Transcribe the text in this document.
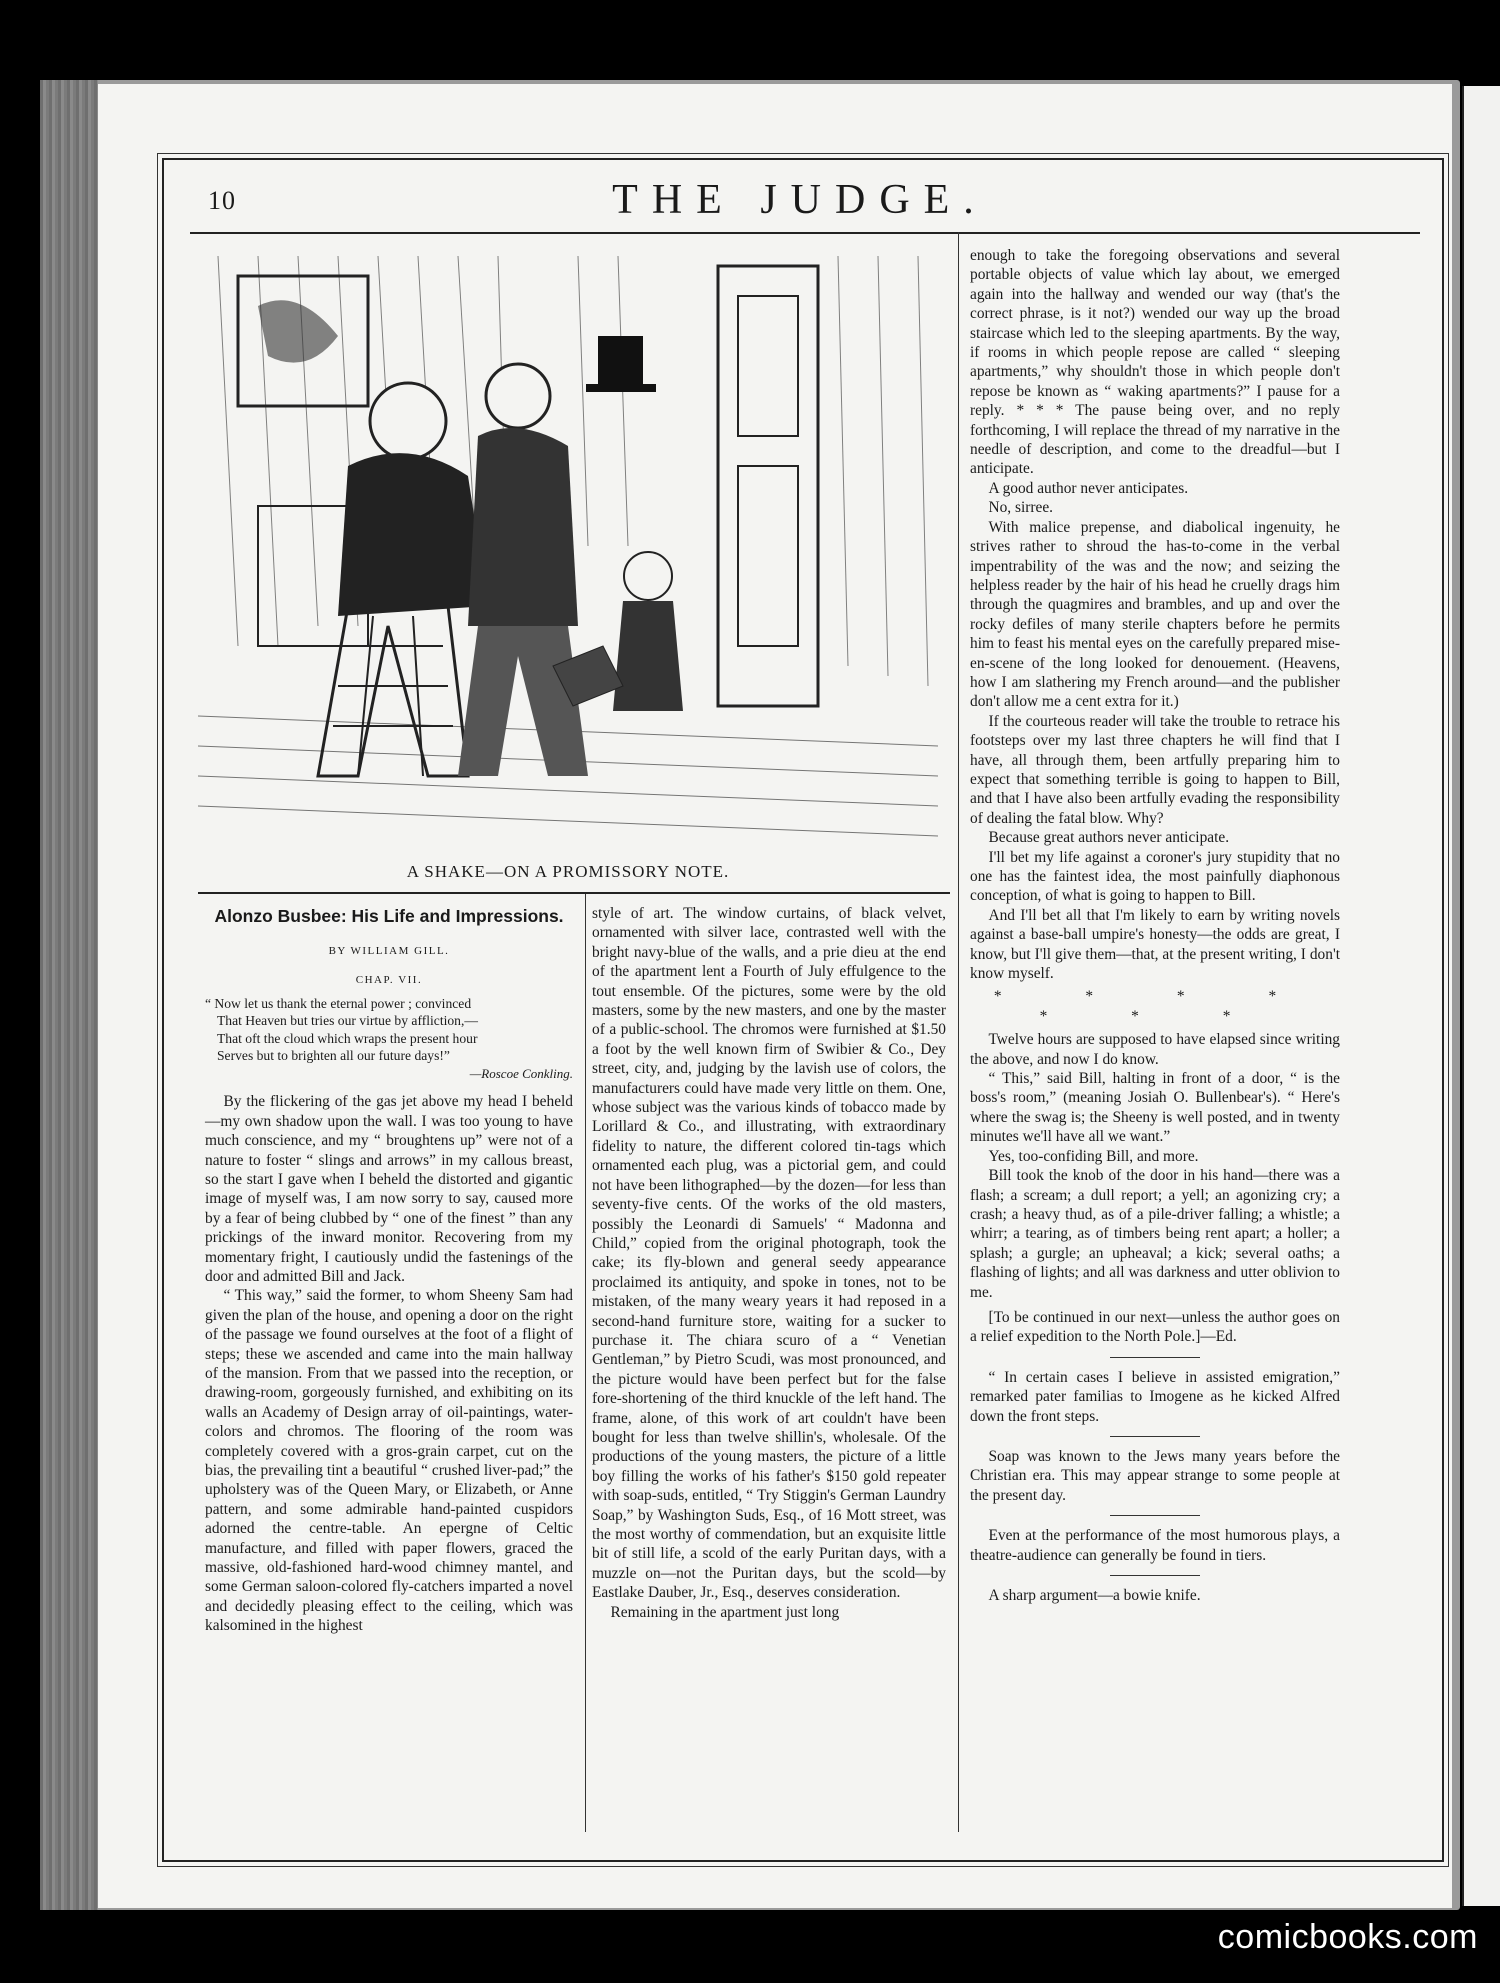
10	THE JUDGE.
A SHAKE—ON A PROMISSORY NOTE.
Alonzo Busbee: His Life and Impressions.
BY WILLIAM GILL.
CHAP. VII.
“ Now let us thank the eternal power ; convinced
That Heaven but tries our virtue by affliction,—
That oft the cloud which wraps the present hour
Serves but to brighten all our future days!”
—Roscoe Conkling.

By the flickering of the gas jet above my head I beheld—my own shadow upon the wall. I was too young to have much conscience, and my “ broughtens up” were not of a nature to foster “ slings and arrows” in my callous breast, so the start I gave when I beheld the distorted and gigantic image of myself was, I am now sorry to say, caused more by a fear of being clubbed by “ one of the finest ” than any prickings of the inward monitor. Recovering from my momentary fright, I cautiously undid the fastenings of the door and admitted Bill and Jack.

“ This way,” said the former, to whom Sheeny Sam had given the plan of the house, and opening a door on the right of the passage we found ourselves at the foot of a flight of steps; these we ascended and came into the main hallway of the mansion. From that we passed into the reception, or drawing-room, gorgeously furnished, and exhibiting on its walls an Academy of Design array of oil-paintings, water-colors and chromos. The flooring of the room was completely covered with a gros-grain carpet, cut on the bias, the prevailing tint a beautiful “ crushed liver-pad;” the upholstery was of the Queen Mary, or Elizabeth, or Anne pattern, and some admirable hand-painted cuspidors adorned the centre-table. An epergne of Celtic manufacture, and filled with paper flowers, graced the massive, old-fashioned hard-wood chimney mantel, and some German saloon-colored fly-catchers imparted a novel and decidedly pleasing effect to the ceiling, which was kalsomined in the highest

style of art. The window curtains, of black velvet, ornamented with silver lace, contrasted well with the bright navy-blue of the walls, and a prie dieu at the end of the apartment lent a Fourth of July effulgence to the tout ensemble. Of the pictures, some were by the old masters, some by the new masters, and one by the master of a public-school. The chromos were furnished at $1.50 a foot by the well known firm of Swibier & Co., Dey street, city, and, judging by the lavish use of colors, the manufacturers could have made very little on them. One, whose subject was the various kinds of tobacco made by Lorillard & Co., and illustrating, with extraordinary fidelity to nature, the different colored tin-tags which ornamented each plug, was a pictorial gem, and could not have been lithographed—by the dozen—for less than seventy-five cents. Of the works of the old masters, possibly the Leonardi di Samuels' “ Madonna and Child,” copied from the original photograph, took the cake; its fly-blown and general seedy appearance proclaimed its antiquity, and spoke in tones, not to be mistaken, of the many weary years it had reposed in a second-hand furniture store, waiting for a sucker to purchase it. The chiara scuro of a “ Venetian Gentleman,” by Pietro Scudi, was most pronounced, and the picture would have been perfect but for the false fore-shortening of the third knuckle of the left hand. The frame, alone, of this work of art couldn't have been bought for less than twelve shillin's, wholesale. Of the productions of the young masters, the picture of a little boy filling the works of his father's $150 gold repeater with soap-suds, entitled, “ Try Stiggin's German Laundry Soap,” by Washington Suds, Esq., of 16 Mott street, was the most worthy of commendation, but an exquisite little bit of still life, a scold of the early Puritan days, with a muzzle on—not the Puritan days, but the scold—by Eastlake Dauber, Jr., Esq., deserves consideration.

Remaining in the apartment just long

enough to take the foregoing observations and several portable objects of value which lay about, we emerged again into the hallway and wended our way (that's the correct phrase, is it not?) wended our way up the broad staircase which led to the sleeping apartments. By the way, if rooms in which people repose are called “ sleeping apartments,” why shouldn't those in which people don't repose be known as “ waking apartments?” I pause for a reply. * * * The pause being over, and no reply forthcoming, I will replace the thread of my narrative in the needle of description, and come to the dreadful—but I anticipate.

A good author never anticipates.

No, sirree.

With malice prepense, and diabolical ingenuity, he strives rather to shroud the has-to-come in the verbal impentrability of the was and the now; and seizing the helpless reader by the hair of his head he cruelly drags him through the quagmires and brambles, and up and over the rocky defiles of many sterile chapters before he permits him to feast his mental eyes on the carefully prepared mise-en-scene of the long looked for denouement. (Heavens, how I am slathering my French around—and the publisher don't allow me a cent extra for it.)

If the courteous reader will take the trouble to retrace his footsteps over my last three chapters he will find that I have, all through them, been artfully preparing him to expect that something terrible is going to happen to Bill, and that I have also been artfully evading the responsibility of dealing the fatal blow. Why?

Because great authors never anticipate.

I'll bet my life against a coroner's jury stupidity that no one has the faintest idea, the most painfully diaphonous conception, of what is going to happen to Bill.

And I'll bet all that I'm likely to earn by writing novels against a base-ball umpire's honesty—the odds are great, I know, but I'll give them—that, at the present writing, I don't know myself.

* * * * * * *

Twelve hours are supposed to have elapsed since writing the above, and now I do know.

“ This,” said Bill, halting in front of a door, “ is the boss's room,” (meaning Josiah O. Bullenbear's). “ Here's where the swag is; the Sheeny is well posted, and in twenty minutes we'll have all we want.”

Yes, too-confiding Bill, and more.

Bill took the knob of the door in his hand—there was a flash; a scream; a dull report; a yell; an agonizing cry; a crash; a heavy thud, as of a pile-driver falling; a whistle; a whirr; a tearing, as of timbers being rent apart; a holler; a splash; a gurgle; an upheaval; a kick; several oaths; a flashing of lights; and all was darkness and utter oblivion to me.

[To be continued in our next—unless the author goes on a relief expedition to the North Pole.]—Ed.

“ In certain cases I believe in assisted emigration,” remarked pater familias to Imogene as he kicked Alfred down the front steps.

Soap was known to the Jews many years before the Christian era. This may appear strange to some people at the present day.

Even at the performance of the most humorous plays, a theatre-audience can generally be found in tiers.

A sharp argument—a bowie knife.

comicbooks.com
